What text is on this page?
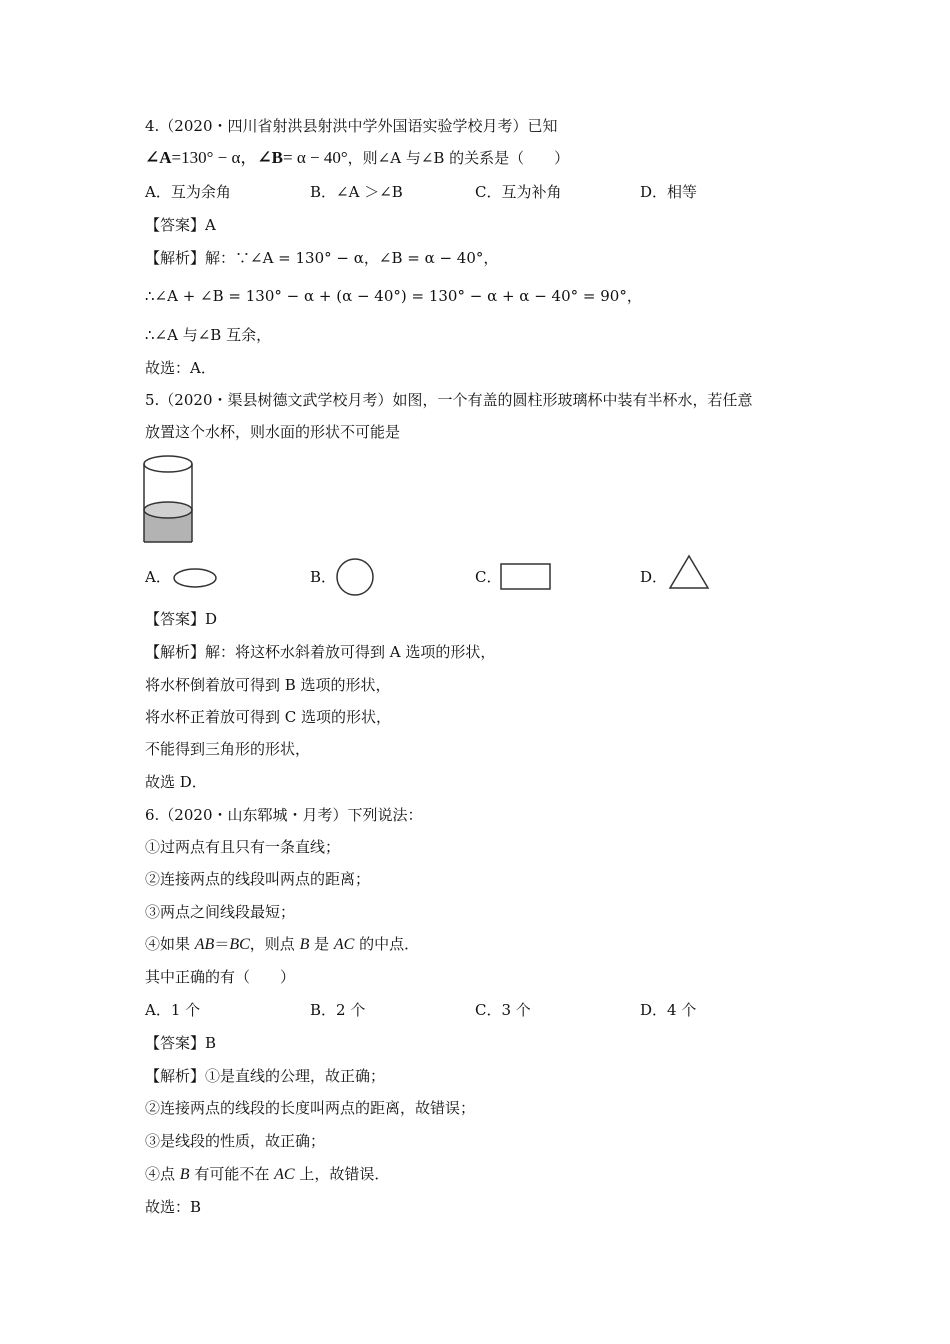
4.（2020・四川省射洪县射洪中学外国语实验学校月考）已知
∠A=130° − α，∠B= α − 40°，则∠A 与∠B 的关系是（　　）
A．互为余角	B．∠A ＞∠B	C．互为补角	D．相等
【答案】A
【解析】解：∵∠A = 130° − α，∠B = α − 40°，
∴∠A + ∠B = 130° − α + (α − 40°) = 130° − α + α − 40° = 90°，
∴∠A 与∠B 互余，
故选：A．
5.（2020・渠县树德文武学校月考）如图，一个有盖的圆柱形玻璃杯中装有半杯水，若任意
放置这个水杯，则水面的形状不可能是
A．	B．	C．	D．
【答案】D
【解析】解：将这杯水斜着放可得到 A 选项的形状，
将水杯倒着放可得到 B 选项的形状，
将水杯正着放可得到 C 选项的形状，
不能得到三角形的形状，
故选 D．
6.（2020・山东郓城・月考）下列说法：
①过两点有且只有一条直线；
②连接两点的线段叫两点的距离；
③两点之间线段最短；
④如果 AB＝BC，则点 B 是 AC 的中点．
其中正确的有（　　）
A．1 个	B．2 个	C．3 个	D．4 个
【答案】B
【解析】①是直线的公理，故正确；
②连接两点的线段的长度叫两点的距离，故错误；
③是线段的性质，故正确；
④点 B 有可能不在 AC 上，故错误．
故选：B
